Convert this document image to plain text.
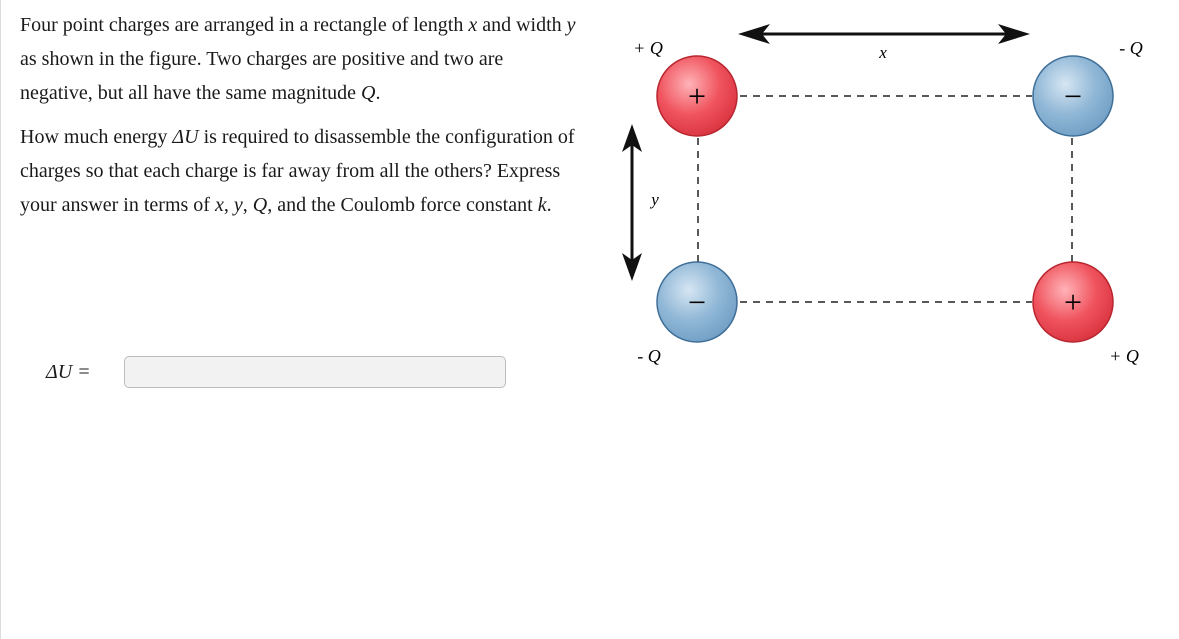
Four point charges are arranged in a rectangle of length x and width y as shown in the figure. Two charges are positive and two are negative, but all have the same magnitude Q.

How much energy ΔU is required to disassemble the configuration of charges so that each charge is far away from all the others? Express your answer in terms of x, y, Q, and the Coulomb force constant k.

ΔU =
x
y
+
+ Q
−
- Q
−
- Q
+
+ Q
